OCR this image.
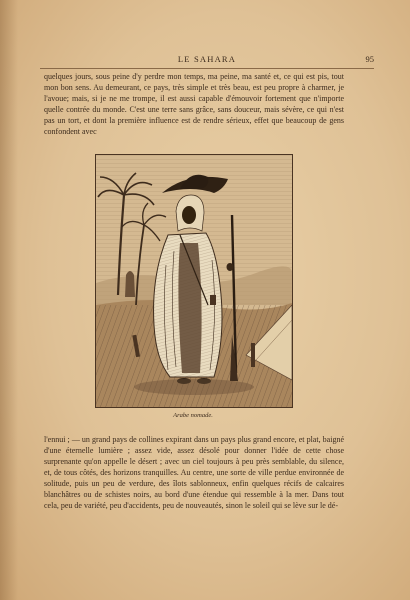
LE SAHARA	95

quelques jours, sous peine d'y perdre mon temps, ma peine, ma santé et, ce qui est pis, tout mon bon sens. Au demeurant, ce pays, très simple et très beau, est peu propre à charmer, je l'avoue; mais, si je ne me trompe, il est aussi capable d'émouvoir fortement que n'importe quelle contrée du monde. C'est une terre sans grâce, sans douceur, mais sévère, ce qui n'est pas un tort, et dont la première influence est de rendre sérieux, effet que beaucoup de gens confondent avec

Arabe nomade.

l'ennui ; — un grand pays de collines expirant dans un pays plus grand encore, et plat, baigné d'une éternelle lumière ; assez vide, assez désolé pour donner l'idée de cette chose surprenante qu'on appelle le désert ; avec un ciel toujours à peu près semblable, du silence, et, de tous côtés, des horizons tranquilles. Au centre, une sorte de ville perdue environnée de solitude, puis un peu de verdure, des îlots sablonneux, enfin quelques récifs de calcaires blanchâtres ou de schistes noirs, au bord d'une étendue qui ressemble à la mer. Dans tout cela, peu de variété, peu d'accidents, peu de nouveautés, sinon le soleil qui se lève sur le dé-
